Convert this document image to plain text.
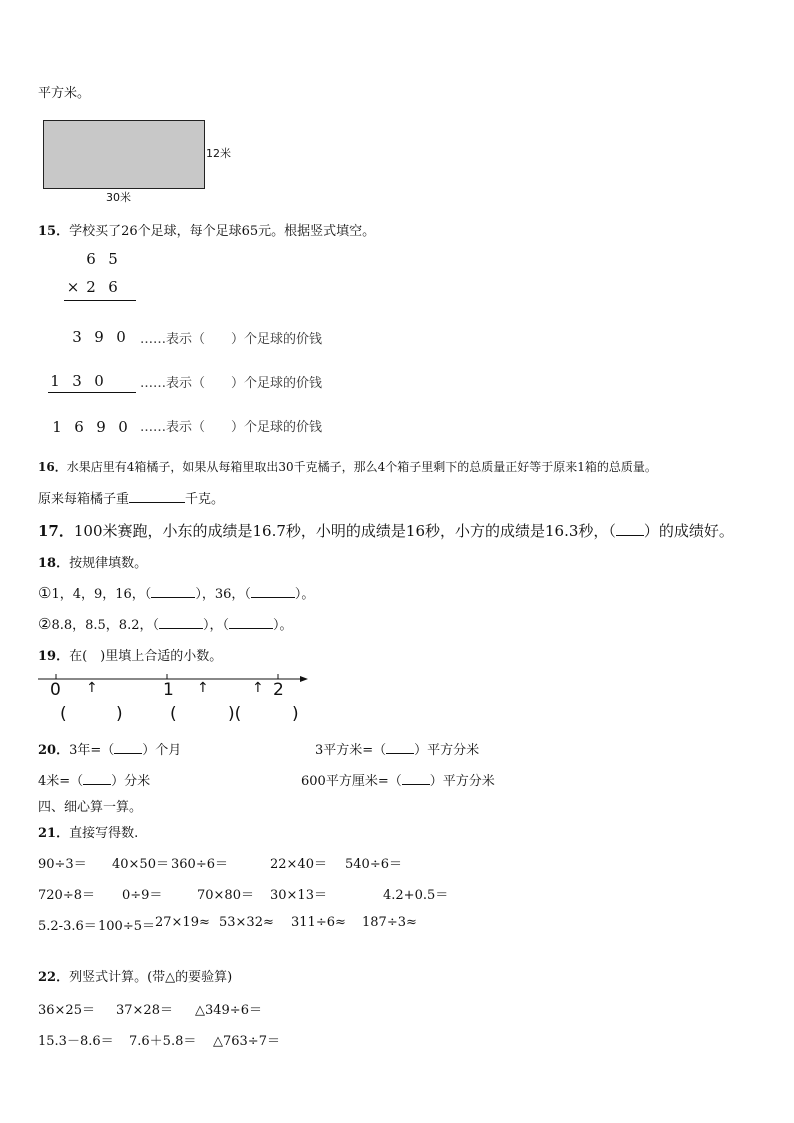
平方米。
12米
30米
15．学校买了26个足球，每个足球65元。根据竖式填空。
6 5
× 2 6
3 9 0	……表示（　　）个足球的价钱
1 3 0	……表示（　　）个足球的价钱
1 6 9 0 ……表示（　　）个足球的价钱
16．水果店里有4箱橘子，如果从每箱里取出30千克橘子，那么4个箱子里剩下的总质量正好等于原来1箱的总质量。
原来每箱橘子重	千克。
17．100米赛跑，小东的成绩是16.7秒，小明的成绩是16秒，小方的成绩是16.3秒，（ ）的成绩好。
18．按规律填数。
①1，4，9，16，（	），36，（	）。
②8.8，8.5，8.2，（	），（	）。
19．在(　)里填上合适的小数。
0	1	2
↑	↑	↑
(	)	(	)(	)
20．3年=（ ）个月	3平方米=（ ）平方分米
4米=（ ）分米	600平方厘米=（ ）平方分米
四、细心算一算。
21．直接写得数.
90÷3＝ 40×50＝ 360÷6＝	22×40＝ 540÷6＝
720÷8＝ 0÷9＝	70×80＝ 30×13＝	4.2+0.5＝
5.2-3.6＝ 100÷5＝ 27×19≈ 53×32≈ 311÷6≈ 187÷3≈
22．列竖式计算。(带△的要验算)
36×25＝ 37×28＝ △349÷6＝
15.3－8.6＝ 7.6＋5.8＝ △763÷7＝
